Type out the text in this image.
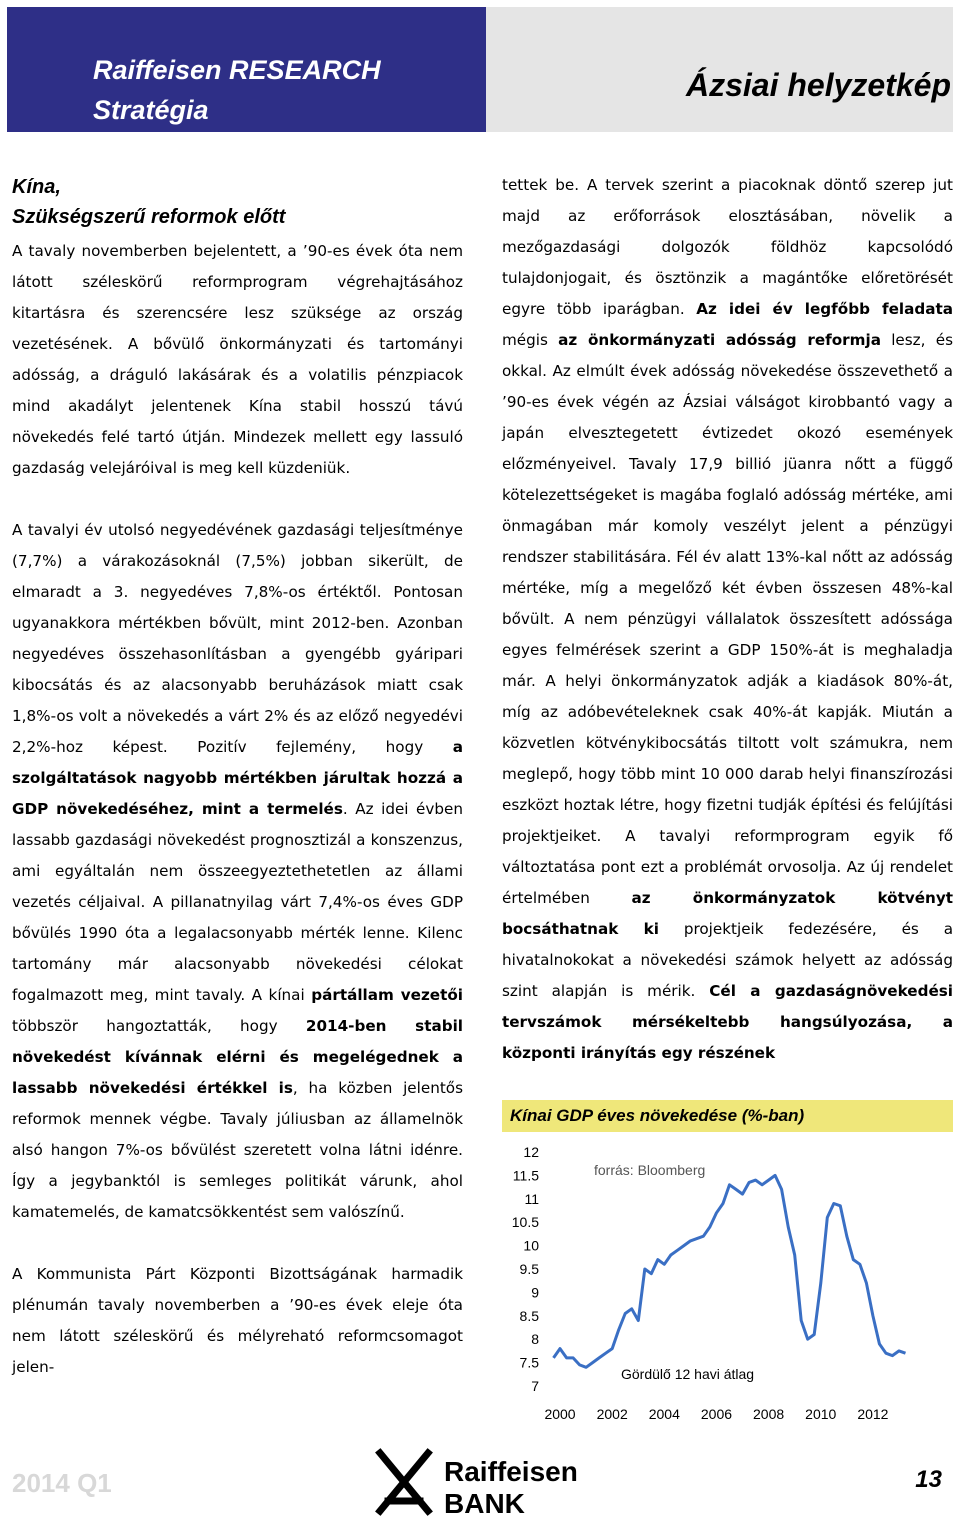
Raiffeisen RESEARCH
Stratégia
Ázsiai helyzetkép
Kína,
Szükségszerű reformok előtt

A tavaly novemberben bejelentett, a ’90-es évek óta nem látott széleskörű reformprogram végrehajtásához kitartásra és szerencsére lesz szüksége az ország vezetésének. A bővülő önkormányzati és tartományi adósság, a dráguló lakásárak és a volatilis pénzpiacok mind akadályt jelentenek Kína stabil hosszú távú növekedés felé tartó útján. Mindezek mellett egy lassuló gazdaság velejáróival is meg kell küzdeniük.

A tavalyi év utolsó negyedévének gazdasági teljesítménye (7,7%) a várakozásoknál (7,5%) jobban sikerült, de elmaradt a 3. negyedéves 7,8%-os értéktől. Pontosan ugyanakkora mértékben bővült, mint 2012-ben. Azonban negyedéves összehasonlításban a gyengébb gyáripari kibocsátás és az alacsonyabb beruházások miatt csak 1,8%-os volt a növekedés a várt 2% és az előző negyedévi 2,2%-hoz képest. Pozitív fejlemény, hogy a szolgáltatások nagyobb mértékben járultak hozzá a GDP növekedéséhez, mint a termelés. Az idei évben lassabb gazdasági növekedést prognosztizál a konszenzus, ami egyáltalán nem összeegyeztethetetlen az állami vezetés céljaival. A pillanatnyilag várt 7,4%-os éves GDP bővülés 1990 óta a legalacsonyabb mérték lenne. Kilenc tartomány már alacsonyabb növekedési célokat fogalmazott meg, mint tavaly. A kínai pártállam vezetői többször hangoztatták, hogy 2014-ben stabil növekedést kívánnak elérni és megelégednek a lassabb növekedési értékkel is, ha közben jelentős reformok mennek végbe. Tavaly júliusban az államelnök alsó hangon 7%-os bővülést szeretett volna látni idénre. Így a jegybanktól is semleges politikát várunk, ahol kamatemelés, de kamatcsökkentést sem valószínű.

A Kommunista Párt Központi Bizottságának harmadik plénumán tavaly novemberben a ’90-es évek eleje óta nem látott széleskörű és mélyreható reformcsomagot jelen-

tettek be. A tervek szerint a piacoknak döntő szerep jut majd az erőforrások elosztásában, növelik a mezőgazdasági dolgozók földhöz kapcsolódó tulajdonjogait, és ösztönzik a magántőke előretörését egyre több iparágban. Az idei év legfőbb feladata mégis az önkormányzati adósság reformja lesz, és okkal. Az elmúlt évek adósság növekedése összevethető a ’90-es évek végén az Ázsiai válságot kirobbantó vagy a japán elvesztegetett évtizedet okozó események előzményeivel. Tavaly 17,9 billió jüanra nőtt a függő kötelezettségeket is magába foglaló adósság mértéke, ami önmagában már komoly veszélyt jelent a pénzügyi rendszer stabilitására. Fél év alatt 13%-kal nőtt az adósság mértéke, míg a megelőző két évben összesen 48%-kal bővült. A nem pénzügyi vállalatok összesített adóssága egyes felmérések szerint a GDP 150%-át is meghaladja már. A helyi önkormányzatok adják a kiadások 80%-át, míg az adóbevételeknek csak 40%-át kapják. Miután a közvetlen kötvénykibocsátás tiltott volt számukra, nem meglepő, hogy több mint 10 000 darab helyi finanszírozási eszközt hoztak létre, hogy fizetni tudják építési és felújítási projektjeiket. A tavalyi reformprogram egyik fő változtatása pont ezt a problémát orvosolja. Az új rendelet értelmében az önkormányzatok kötvényt bocsáthatnak ki projektjeik fedezésére, és a hivatalnokokat a növekedési számok helyett az adósság szint alapján is mérik. Cél a gazdaságnövekedési tervszámok mérsékeltebb hangsúlyozása, a központi irányítás egy részének

Kínai GDP éves növekedése (%-ban)
forrás: Bloomberg
Gördülő 12 havi átlag
12
11.5
11
10.5
10
9.5
9
8.5
8
7.5
7
2000 2002 2004 2006 2008 2010 2012
2014 Q1	Raiffeisen
BANK
13
